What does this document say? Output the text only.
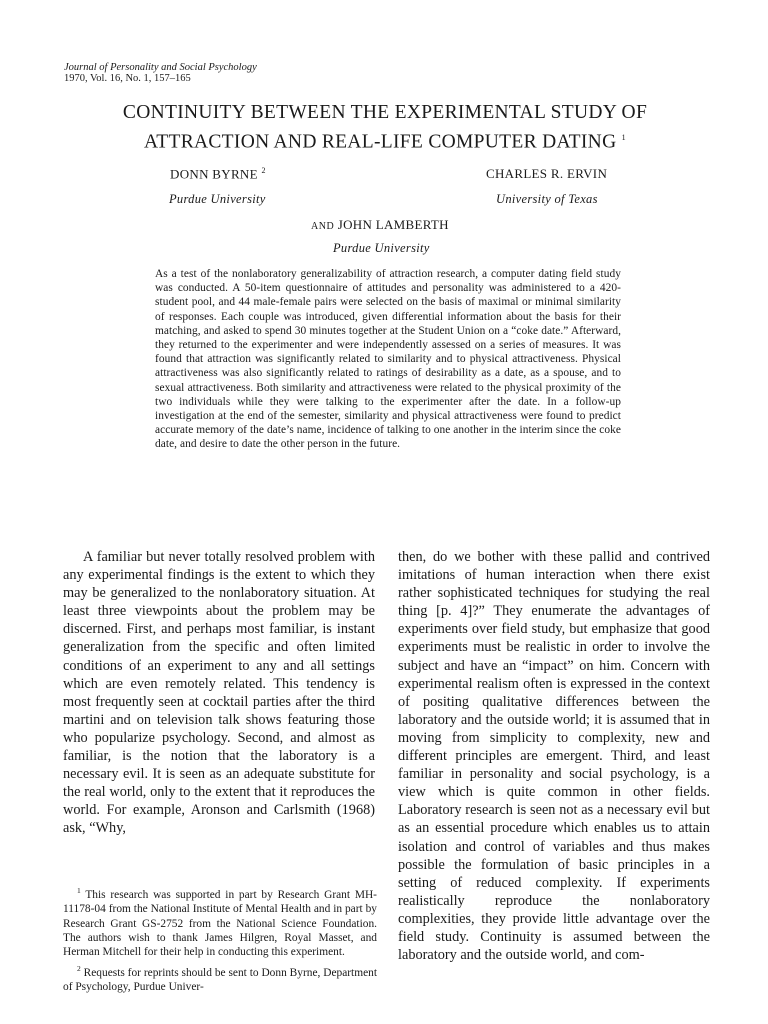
Journal of Personality and Social Psychology
1970, Vol. 16, No. 1, 157–165
CONTINUITY BETWEEN THE EXPERIMENTAL STUDY OF
ATTRACTION AND REAL-LIFE COMPUTER DATING $^1$
DONN BYRNE $^2$
Purdue University
CHARLES R. ERVIN
University of Texas
AND JOHN LAMBERTH
Purdue University
As a test of the nonlaboratory generalizability of attraction research, a computer dating field study was conducted. A 50-item questionnaire of attitudes and personality was administered to a 420-student pool, and 44 male-female pairs were selected on the basis of maximal or minimal similarity of responses. Each couple was introduced, given differential information about the basis for their matching, and asked to spend 30 minutes together at the Student Union on a “coke date.” Afterward, they returned to the experimenter and were independently assessed on a series of measures. It was found that attraction was significantly related to similarity and to physical attractiveness. Physical attractiveness was also significantly related to ratings of desirability as a date, as a spouse, and to sexual attractiveness. Both similarity and attractiveness were related to the physical proximity of the two individuals while they were talking to the experimenter after the date. In a follow-up investigation at the end of the semester, similarity and physical attractiveness were found to predict accurate memory of the date’s name, incidence of talking to one another in the interim since the coke date, and desire to date the other person in the future.

A familiar but never totally resolved problem with any experimental findings is the extent to which they may be generalized to the nonlaboratory situation. At least three viewpoints about the problem may be discerned. First, and perhaps most familiar, is instant generalization from the specific and often limited conditions of an experiment to any and all settings which are even remotely related. This tendency is most frequently seen at cocktail parties after the third martini and on television talk shows featuring those who popularize psychology. Second, and almost as familiar, is the notion that the laboratory is a necessary evil. It is seen as an adequate substitute for the real world, only to the extent that it reproduces the world. For example, Aronson and Carlsmith (1968) ask, “Why,

then, do we bother with these pallid and contrived imitations of human interaction when there exist rather sophisticated techniques for studying the real thing [p. 4]?” They enumerate the advantages of experiments over field study, but emphasize that good experiments must be realistic in order to involve the subject and have an “impact” on him. Concern with experimental realism often is expressed in the context of positing qualitative differences between the laboratory and the outside world; it is assumed that in moving from simplicity to complexity, new and different principles are emergent. Third, and least familiar in personality and social psychology, is a view which is quite common in other fields. Laboratory research is seen not as a necessary evil but as an essential procedure which enables us to attain isolation and control of variables and thus makes possible the formulation of basic principles in a setting of reduced complexity. If experiments realistically reproduce the nonlaboratory complexities, they provide little advantage over the field study. Continuity is assumed between the laboratory and the outside world, and com-

$^1$ This research was supported in part by Research Grant MH-11178-04 from the National Institute of Mental Health and in part by Research Grant GS-2752 from the National Science Foundation. The authors wish to thank James Hilgren, Royal Masset, and Herman Mitchell for their help in conducting this experiment.

$^2$ Requests for reprints should be sent to Donn Byrne, Department of Psychology, Purdue Univer-
